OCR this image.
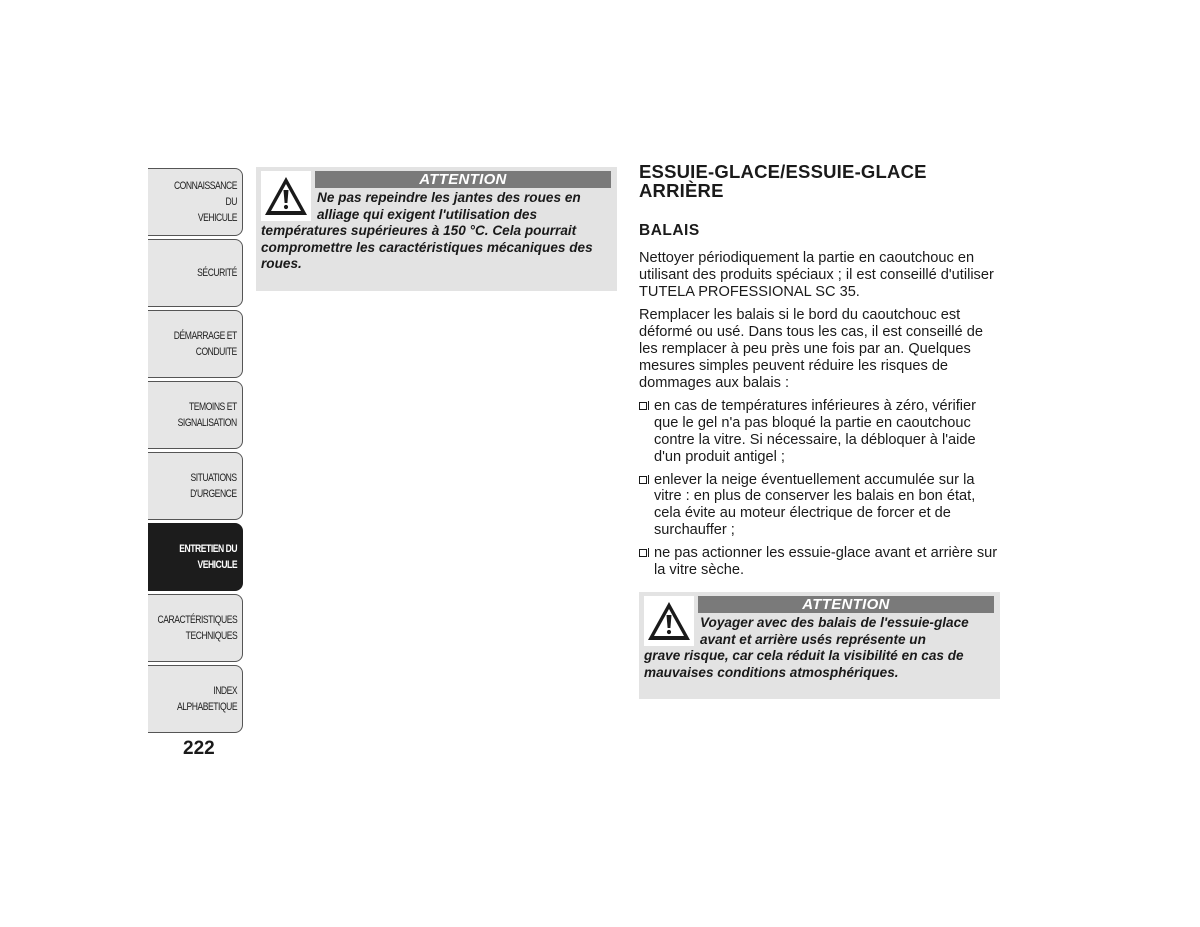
CONNAISSANCE DU
VEHICULE
SÉCURITÉ
DÉMARRAGE ET
CONDUITE
TEMOINS ET
SIGNALISATION
SITUATIONS
D'URGENCE
ENTRETIEN DU
VEHICULE
CARACTÉRISTIQUES
TECHNIQUES
INDEX
ALPHABETIQUE
222
ATTENTION
Ne pas repeindre les jantes des roues en alliage qui exigent l'utilisation des
températures supérieures à 150 °C. Cela pourrait compromettre les caractéristiques mécaniques des roues.
ESSUIE-GLACE/ESSUIE-GLACE ARRIÈRE
BALAIS

Nettoyer périodiquement la partie en caoutchouc en utilisant des produits spéciaux ; il est conseillé d'utiliser TUTELA PROFESSIONAL SC 35.

Remplacer les balais si le bord du caoutchouc est déformé ou usé. Dans tous les cas, il est conseillé de les remplacer à peu près une fois par an. Quelques mesures simples peuvent réduire les risques de dommages aux balais :

en cas de températures inférieures à zéro, vérifier que le gel n'a pas bloqué la partie en caoutchouc contre la vitre. Si nécessaire, la débloquer à l'aide d'un produit antigel ;
enlever la neige éventuellement accumulée sur la vitre : en plus de conserver les balais en bon état, cela évite au moteur électrique de forcer et de surchauffer ;
ne pas actionner les essuie-glace avant et arrière sur la vitre sèche.
ATTENTION
Voyager avec des balais de l'essuie-glace avant et arrière usés représente un
grave risque, car cela réduit la visibilité en cas de mauvaises conditions atmosphériques.
